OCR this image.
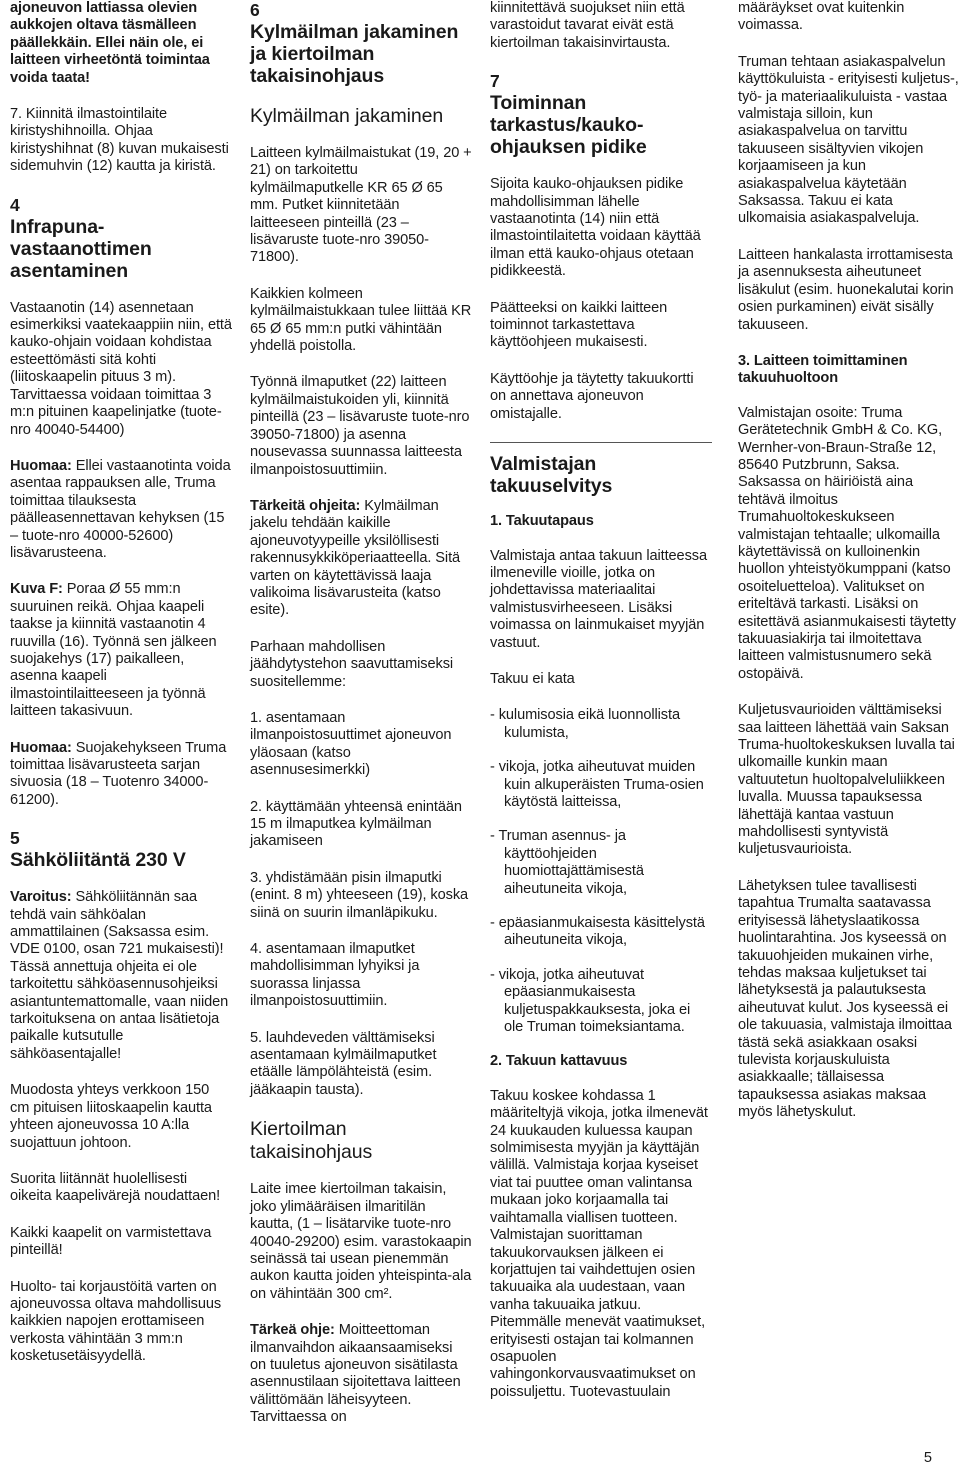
ajoneuvon lattiassa olevien aukkojen oltava täsmälleen päällekkäin. Ellei näin ole, ei laitteen virheetöntä toimintaa voida taata!

7. Kiinnitä ilmastointilaite kiristyshihnoilla. Ohjaa kiristyshihnat (8) kuvan mukaisesti sidemuhvin (12) kautta ja kiristä.

4
Infrapuna-vastaanottimen asentaminen

Vastaanotin (14) asennetaan esimerkiksi vaatekaappiin niin, että kauko-ohjain voidaan kohdistaa esteettömästi sitä kohti (liitoskaapelin pituus 3 m). Tarvittaessa voidaan toimittaa 3 m:n pituinen kaapelinjatke (tuote-nro 40040-54400)

Huomaa: Ellei vastaanotinta voida asentaa rappauksen alle, Truma toimittaa tilauksesta päälleasennettavan kehyksen (15 – tuote-nro 40000-52600) lisävarusteena.

Kuva F: Poraa Ø 55 mm:n suuruinen reikä. Ohjaa kaapeli taakse ja kiinnitä vastaanotin 4 ruuvilla (16). Työnnä sen jälkeen suojakehys (17) paikalleen, asenna kaapeli ilmastointilaitteeseen ja työnnä laitteen takasivuun.

Huomaa: Suojakehykseen Truma toimittaa lisävarusteeta sarjan sivuosia (18 – Tuotenro 34000-61200).

5
Sähköliitäntä 230 V

Varoitus: Sähköliitännän saa tehdä vain sähköalan ammattilainen (Saksassa esim. VDE 0100, osan 721 mukaisesti)! Tässä annettuja ohjeita ei ole tarkoitettu sähköasennusohjeiksi asiantuntemattomalle, vaan niiden tarkoituksena on antaa lisätietoja paikalle kutsutulle sähköasentajalle!

Muodosta yhteys verkkoon 150 cm pituisen liitoskaapelin kautta yhteen ajoneuvossa 10 A:lla suojattuun johtoon.

Suorita liitännät huolellisesti oikeita kaapelivärejä noudattaen!

Kaikki kaapelit on varmistettava pinteillä!

Huolto- tai korjaustöitä varten on ajoneuvossa oltava mahdollisuus kaikkien napojen erottamiseen verkosta vähintään 3 mm:n kosketusetäisyydellä.

6
Kylmäilman jakaminen ja kiertoilman takaisinohjaus
Kylmäilman jakaminen

Laitteen kylmäilmaistukat (19, 20 + 21) on tarkoitettu kylmäilmaputkelle KR 65 Ø 65 mm. Putket kiinnitetään laitteeseen pinteillä (23 – lisävaruste tuote-nro 39050-71800).

Kaikkien kolmeen kylmäilmaistukkaan tulee liittää KR 65 Ø 65 mm:n putki vähintään yhdellä poistolla.

Työnnä ilmaputket (22) laitteen kylmäilmaistukoiden yli, kiinnitä pinteillä (23 – lisävaruste tuote-nro 39050-71800) ja asenna nousevassa suunnassa laitteesta ilmanpoistosuuttimiin.

Tärkeitä ohjeita: Kylmäilman jakelu tehdään kaikille ajoneuvotyypeille yksilöllisesti rakennusykkiköperiaatteella. Sitä varten on käytettävissä laaja valikoima lisävarusteita (katso esite).

Parhaan mahdollisen jäähdytystehon saavuttamiseksi suositellemme:

1. asentamaan ilmanpoistosuuttimet ajoneuvon yläosaan (katso asennusesimerkki)

2. käyttämään yhteensä enintään 15 m ilmaputkea kylmäilman jakamiseen

3. yhdistämään pisin ilmaputki (enint. 8 m) yhteeseen (19), koska siinä on suurin ilmanläpikuku.

4. asentamaan ilmaputket mahdollisimman lyhyiksi ja suorassa linjassa ilmanpoistosuuttimiin.

5. lauhdeveden välttämiseksi asentamaan kylmäilmaputket etäälle lämpölähteistä (esim. jääkaapin tausta).

Kiertoilman takaisinohjaus

Laite imee kiertoilman takaisin, joko ylimääräisen ilmaritilän kautta, (1 – lisätarvike tuote-nro 40040-29200) esim. varastokaapin seinässä tai usean pienemmän aukon kautta joiden yhteispinta-ala on vähintään 300 cm².

Tärkeä ohje: Moitteettoman ilmanvaihdon aikaansaamiseksi on tuuletus ajoneuvon sisätilasta asennustilaan sijoitettava laitteen välittömään läheisyyteen. Tarvittaessa on

kiinnitettävä suojukset niin että varastoidut tavarat eivät estä kiertoilman takaisinvirtausta.

7
Toiminnan tarkastus/kauko-ohjauksen pidike

Sijoita kauko-ohjauksen pidike mahdollisimman lähelle vastaanotinta (14) niin että ilmastointilaitetta voidaan käyttää ilman että kauko-ohjaus otetaan pidikkeestä.

Päätteeksi on kaikki laitteen toiminnot tarkastettava käyttöohjeen mukaisesti.

Käyttöohje ja täytetty takuukortti on annettava ajoneuvon omistajalle.

Valmistajan takuuselvitys
1. Takuutapaus

Valmistaja antaa takuun laitteessa ilmeneville vioille, jotka on johdettavissa materiaalitai valmistusvirheeseen. Lisäksi voimassa on lainmukaiset myyjän vastuut.

Takuu ei kata

- kulumisosia eikä luonnollista kulumista,

- vikoja, jotka aiheutuvat muiden kuin alkuperäisten Truma-osien käytöstä laitteissa,

- Truman asennus- ja käyttöohjeiden huomiottajättämisestä aiheutuneita vikoja,

- epäasianmukaisesta käsittelystä aiheutuneita vikoja,

- vikoja, jotka aiheutuvat epäasianmukaisesta kuljetuspakkauksesta, joka ei ole Truman toimeksiantama.

2. Takuun kattavuus

Takuu koskee kohdassa 1 määriteltyjä vikoja, jotka ilmenevät 24 kuukauden kuluessa kaupan solmimisesta myyjän ja käyttäjän välillä. Valmistaja korjaa kyseiset viat tai puuttee oman valintansa mukaan joko korjaamalla tai vaihtamalla viallisen tuotteen. Valmistajan suorittaman takuukorvauksen jälkeen ei korjattujen tai vaihdettujen osien takuuaika ala uudestaan, vaan vanha takuuaika jatkuu. Pitemmälle menevät vaatimukset, erityisesti ostajan tai kolmannen osapuolen vahingonkorvausvaatimukset on poissuljettu. Tuotevastuulain

määräykset ovat kuitenkin voimassa.

Truman tehtaan asiakaspalvelun käyttökuluista - erityisesti kuljetus-, työ- ja materiaalikuluista - vastaa valmistaja silloin, kun asiakaspalvelua on tarvittu takuuseen sisältyvien vikojen korjaamiseen ja kun asiakaspalvelua käytetään Saksassa. Takuu ei kata ulkomaisia asiakaspalveluja.

Laitteen hankalasta irrottamisesta ja asennuksesta aiheutuneet lisäkulut (esim. huonekalutai korin osien purkaminen) eivät sisälly takuuseen.

3. Laitteen toimittaminen takuuhuoltoon

Valmistajan osoite: Truma Gerätetechnik GmbH & Co. KG, Wernher-von-Braun-Straße 12, 85640 Putzbrunn, Saksa. Saksassa on häiriöistä aina tehtävä ilmoitus Trumahuoltokeskukseen valmistajan tehtaalle; ulkomailla käytettävissä on kulloinenkin huollon yhteistyökumppani (katso osoiteluetteloa). Valitukset on eriteltävä tarkasti. Lisäksi on esitettävä asianmukaisesti täytetty takuuasiakirja tai ilmoitettava laitteen valmistusnumero sekä ostopäivä.

Kuljetusvaurioiden välttämiseksi saa laitteen lähettää vain Saksan Truma-huoltokeskuksen luvalla tai ulkomaille kunkin maan valtuutetun huoltopalveluliikkeen luvalla. Muussa tapauksessa lähettäjä kantaa vastuun mahdollisesti syntyvistä kuljetusvaurioista.

Lähetyksen tulee tavallisesti tapahtua Trumalta saatavassa erityisessä lähetyslaatikossa huolintarahtina. Jos kyseessä on takuuohjeiden mukainen virhe, tehdas maksaa kuljetukset tai lähetyksestä ja palautuksesta aiheutuvat kulut. Jos kyseessä ei ole takuuasia, valmistaja ilmoittaa tästä sekä asiakkaan osaksi tulevista korjauskuluista asiakkaalle; tällaisessa tapauksessa asiakas maksaa myös lähetyskulut.

5
